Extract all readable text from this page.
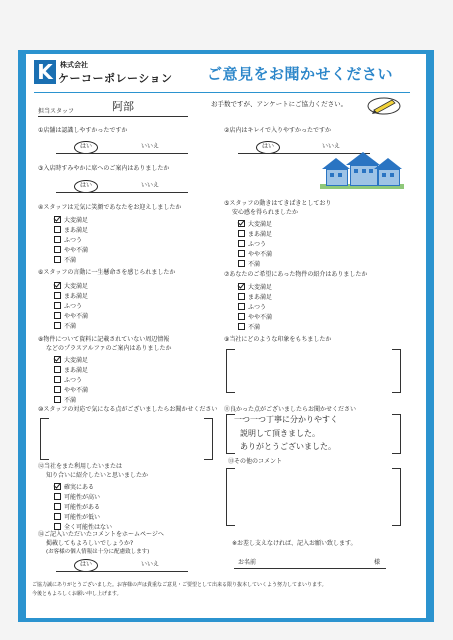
K	株式会社
ケーコーポレーション ご意見をお聞かせください
担当スタッフ	阿部	お手数ですが、アンケートにご協力ください。
①店舗は認識しやすかったですか
はい	いいえ
②店内はキレイで入りやすかったですか
はい	いいえ
③入店時すみやかに席へのご案内はありましたか
はい	いいえ
④スタッフは元気に笑顔であなたをお迎えしましたか
大変満足
まあ満足
ふつう
やや不満
不満
⑤スタッフの動きはてきぱきとしており
安心感を得られましたか
大変満足
まあ満足
ふつう
やや不満
不満
⑥スタッフの言動に一生懸命さを感じられましたか
大変満足
まあ満足
ふつう
やや不満
不満
⑦あなたのご希望にあった物件の紹介はありましたか
大変満足
まあ満足
ふつう
やや不満
不満
⑧物件について資料に記載されていない周辺情報
などのプラスアルファのご案内はありましたか
大変満足
まあ満足
ふつう
やや不満
不満
⑨当社にどのような印象をもちましたか
⑩スタッフの対応で気になる点がございましたらお聞かせください ⑪良かった点がございましたらお聞かせください
一つ一つ丁寧に分かりやすく
説明して頂きました。
ありがとうございました。
⑬その他のコメント
⑫当社をまた利用したいまたは
知り合いに紹介したいと思いましたか
確実にある
可能性が高い
可能性がある
可能性が低い
全く可能性はない
⑭ご記入いただいたコメントをホームページへ
掲載してもよろしいでしょうか?
(お客様の個人情報は十分に配慮致します)
はい	いいえ
※お差し支えなければ、記入お願い致します。
お名前	様
ご協力誠にありがとうございました。お客様の声は貴重なご意見・ご要望として出来る限り抜本していくよう努力してまいります。
今後ともよろしくお願い申し上げます。
